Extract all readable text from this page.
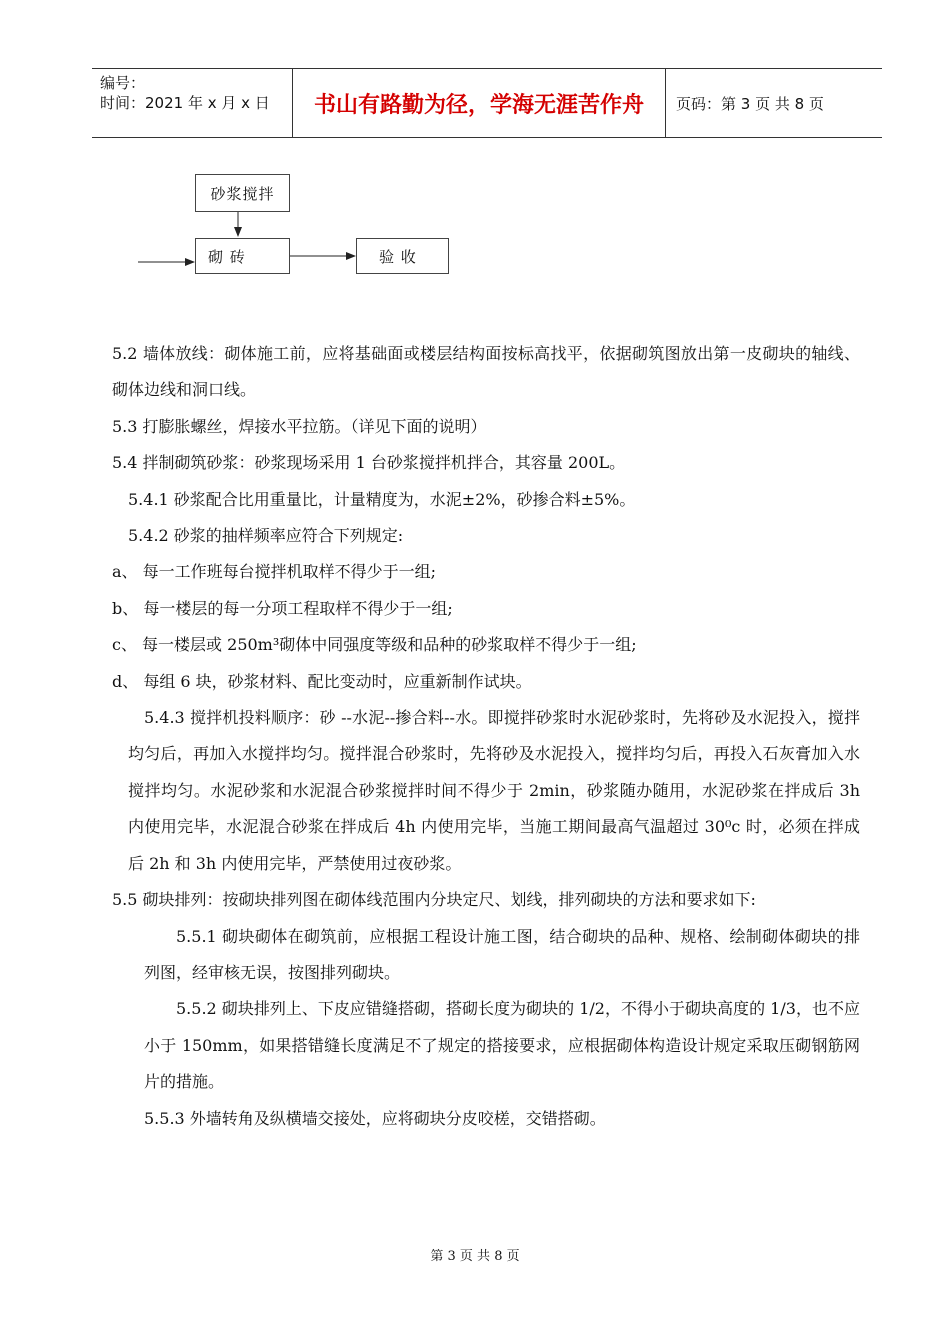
编号：
时间：2021 年 x 月 x 日	书山有路勤为径，学海无涯苦作舟	页码：第 3 页 共 8 页
砂浆搅拌
砌 砖	验 收

5.2 墙体放线：砌体施工前，应将基础面或楼层结构面按标高找平，依据砌筑图放出第一皮砌块的轴线、砌体边线和洞口线。

5.3 打膨胀螺丝，焊接水平拉筋。（详见下面的说明）

5.4 拌制砌筑砂浆：砂浆现场采用 1 台砂浆搅拌机拌合，其容量 200L。

5.4.1 砂浆配合比用重量比，计量精度为，水泥±2%，砂掺合料±5%。

5.4.2 砂浆的抽样频率应符合下列规定:

a、 每一工作班每台搅拌机取样不得少于一组;

b、 每一楼层的每一分项工程取样不得少于一组;

c、 每一楼层或 250m³砌体中同强度等级和品种的砂浆取样不得少于一组;

d、 每组 6 块，砂浆材料、配比变动时，应重新制作试块。

5.4.3 搅拌机投料顺序：砂 --水泥--掺合料--水。即搅拌砂浆时水泥砂浆时，先将砂及水泥投入，搅拌均匀后，再加入水搅拌均匀。搅拌混合砂浆时，先将砂及水泥投入，搅拌均匀后，再投入石灰膏加入水搅拌均匀。水泥砂浆和水泥混合砂浆搅拌时间不得少于 2min，砂浆随办随用，水泥砂浆在拌成后 3h 内使用完毕，水泥混合砂浆在拌成后 4h 内使用完毕，当施工期间最高气温超过 30⁰c 时，必须在拌成后 2h 和 3h 内使用完毕，严禁使用过夜砂浆。

5.5 砌块排列：按砌块排列图在砌体线范围内分块定尺、划线，排列砌块的方法和要求如下:

5.5.1 砌块砌体在砌筑前，应根据工程设计施工图，结合砌块的品种、规格、绘制砌体砌块的排列图，经审核无误，按图排列砌块。

5.5.2 砌块排列上、下皮应错缝搭砌，搭砌长度为砌块的 1/2，不得小于砌块高度的 1/3，也不应小于 150mm，如果搭错缝长度满足不了规定的搭接要求，应根据砌体构造设计规定采取压砌钢筋网片的措施。

5.5.3 外墙转角及纵横墙交接处，应将砌块分皮咬槎，交错搭砌。

第 3 页 共 8 页
